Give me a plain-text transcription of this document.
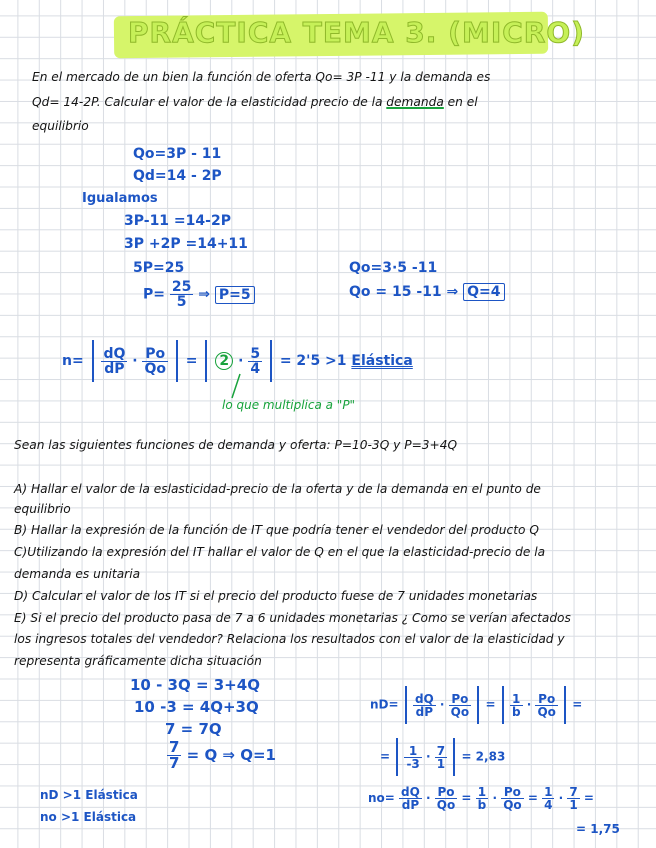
PRÁCTICA TEMA 3. (MICRO)
En el mercado de un bien la función de oferta Qo= 3P -11 y la demanda es
Qd= 14-2P. Calcular el valor de la elasticidad precio de la demanda en el
equilibrio
Qo=3P - 11
Qd=14 - 2P
Igualamos
3P-11 =14-2P
3P +2P =14+11
5P=25
$P= \frac{25}{5}$ ⇒ P=5
Qo=3·5 -11
Qo = 15 -11 ⇒ Q=4
$n= \frac{dQ}{dP} \cdot \frac{Po}{Qo} = 2 \cdot \frac{5}{4} = 2'5 >1$ Elástica
lo que multiplica a "P"
Sean las siguientes funciones de demanda y oferta: P=10-3Q y P=3+4Q
A) Hallar el valor de la eslasticidad-precio de la oferta y de la demanda en el punto de
equilibrio
B) Hallar la expresión de la función de IT que podría tener el vendedor del producto Q
C)Utilizando la expresión del IT hallar el valor de Q en el que la elasticidad-precio de la
demanda es unitaria
D) Calcular el valor de los IT si el precio del producto fuese de 7 unidades monetarias
E) Si el precio del producto pasa de 7 a 6 unidades monetarias ¿ Como se verían afectados
los ingresos totales del vendedor? Relaciona los resultados con el valor de la elasticidad y
representa gráficamente dicha situación
10 - 3Q = 3+4Q
10 -3 = 4Q+3Q
7 = 7Q
$\frac{7}{7} = Q$ ⇒ Q=1
nD >1 Elástica
no >1 Elástica
$nD= \frac{dQ}{dP} \cdot \frac{Po}{Qo} = \frac{1}{b} \cdot \frac{Po}{Qo}$ =
= $\frac{1}{-3} \cdot \frac{7}{1} = 2,83$
$no= \frac{dQ}{dP} \cdot \frac{Po}{Qo} = \frac{1}{b} \cdot \frac{Po}{Qo} = \frac{1}{4} \cdot \frac{7}{1}$ =
= 1,75
